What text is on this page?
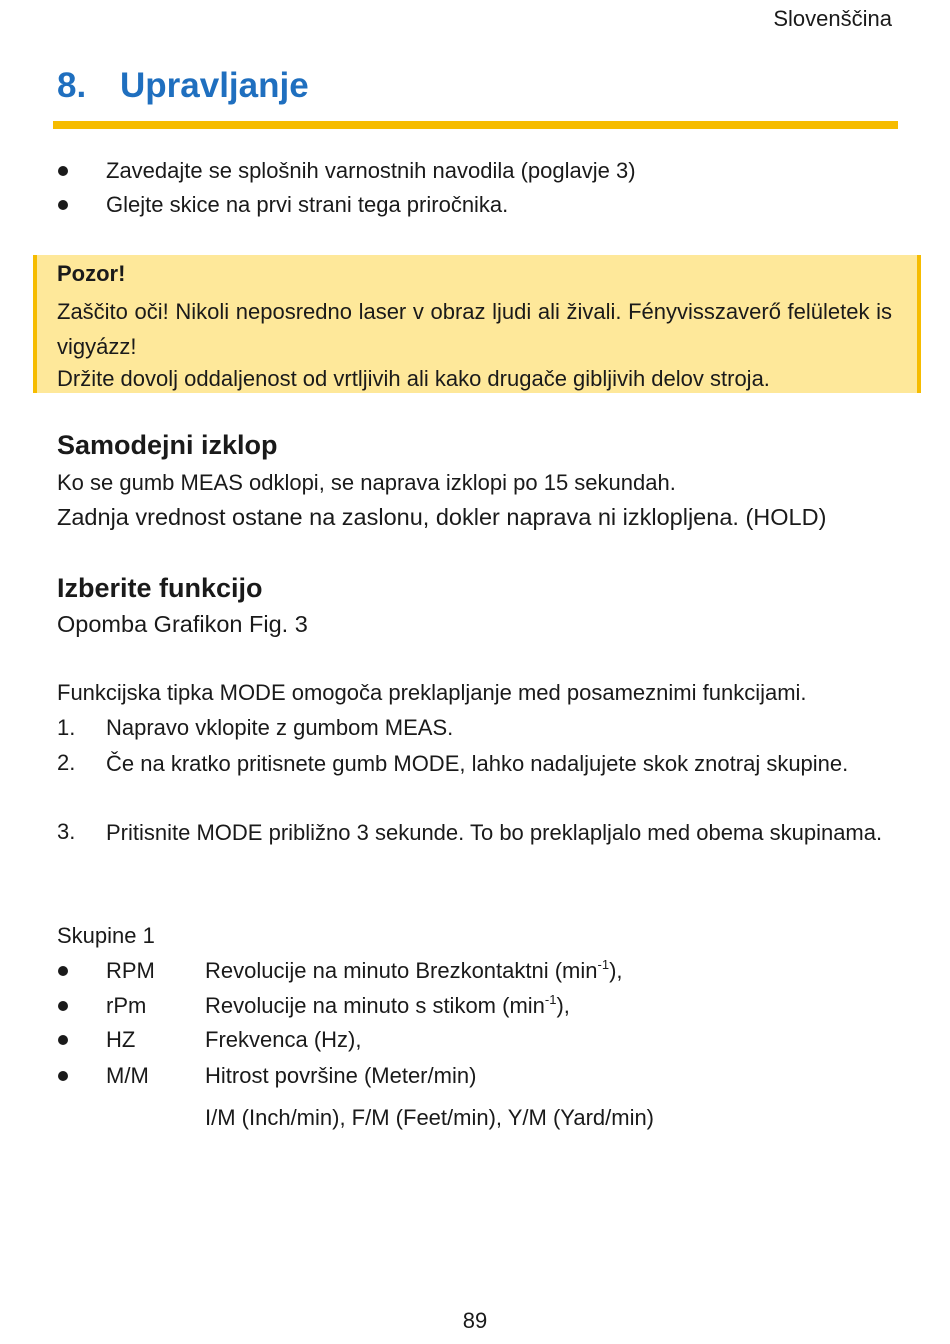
Slovenščina
8. Upravljanje
Zavedajte se splošnih varnostnih navodila (poglavje 3)
Glejte skice na prvi strani tega priročnika.
Pozor!
Zaščito oči! Nikoli neposredno laser v obraz ljudi ali živali. Fényvisszaverő felületek is vigyázz!
Držite dovolj oddaljenost od vrtljivih ali kako drugače gibljivih delov stroja.
Samodejni izklop
Ko se gumb MEAS odklopi, se naprava izklopi po 15 sekundah.
Zadnja vrednost ostane na zaslonu, dokler naprava ni izklopljena. (HOLD)
Izberite funkcijo
Opomba Grafikon Fig. 3
Funkcijska tipka MODE omogoča preklapljanje med posameznimi funkcijami.
1. Napravo vklopite z gumbom MEAS.
2. Če na kratko pritisnete gumb MODE, lahko nadaljujete skok znotraj skupine.
3. Pritisnite MODE približno 3 sekunde. To bo preklapljalo med obema skupinama.
Skupine 1
RPM Revolucije na minuto Brezkontaktni $(\min^{-1})$,
rPm	Revolucije na minuto s stikom $(\min^{-1})$,
HZ	Frekvenca (Hz),
M/M	Hitrost površine (Meter/min)
I/M (Inch/min), F/M (Feet/min), Y/M (Yard/min)
89
